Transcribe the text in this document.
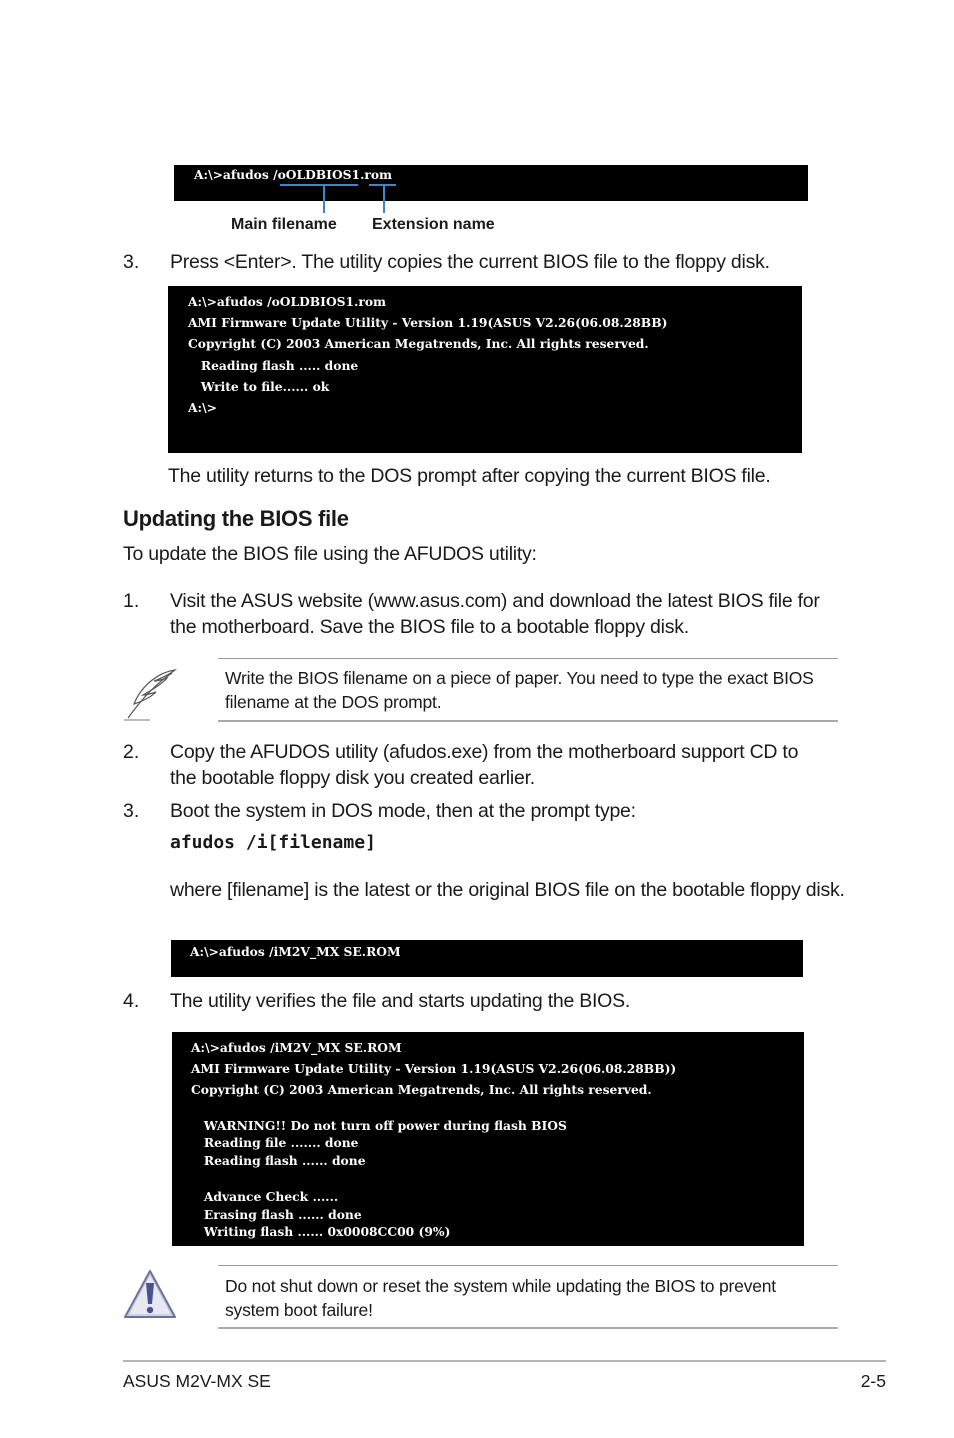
A:\>afudos /oOLDBIOS1.rom
Main filename Extension name
3. Press <Enter>. The utility copies the current BIOS file to the floppy disk.
A:\>afudos /oOLDBIOS1.rom
AMI Firmware Update Utility - Version 1.19(ASUS V2.26(06.08.28BB)
Copyright (C) 2003 American Megatrends, Inc. All rights reserved.
Reading flash ..... done
Write to file...... ok
A:\>
The utility returns to the DOS prompt after copying the current BIOS file.
Updating the BIOS file
To update the BIOS file using the AFUDOS utility:
1. Visit the ASUS website (www.asus.com) and download the latest BIOS file for
the motherboard. Save the BIOS file to a bootable floppy disk.
Write the BIOS filename on a piece of paper. You need to type the exact BIOS
filename at the DOS prompt.
2. Copy the AFUDOS utility (afudos.exe) from the motherboard support CD to
the bootable floppy disk you created earlier.
3. Boot the system in DOS mode, then at the prompt type:
afudos /i[filename]
where [filename] is the latest or the original BIOS file on the bootable floppy disk.
A:\>afudos /iM2V_MX SE.ROM
4. The utility verifies the file and starts updating the BIOS.
A:\>afudos /iM2V_MX SE.ROM
AMI Firmware Update Utility - Version 1.19(ASUS V2.26(06.08.28BB))
Copyright (C) 2003 American Megatrends, Inc. All rights reserved.
WARNING!! Do not turn off power during flash BIOS
Reading file ....... done
Reading flash ...... done
Advance Check ......
Erasing flash ...... done
Writing flash ...... 0x0008CC00 (9%)
Do not shut down or reset the system while updating the BIOS to prevent
system boot failure!
ASUS M2V-MX SE	2-5
